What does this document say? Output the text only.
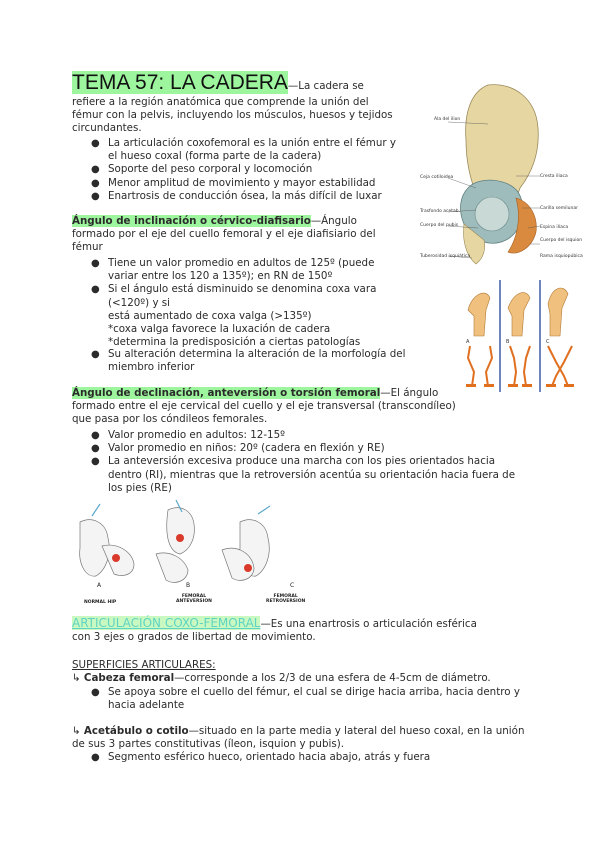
TEMA 57: LA CADERA—La cadera se
refiere a la región anatómica que comprende la unión del
fémur con la pelvis, incluyendo los músculos, huesos y tejidos
circundantes.
● La articulación coxofemoral es la unión entre el fémur y
el hueso coxal (forma parte de la cadera)
● Soporte del peso corporal y locomoción
● Menor amplitud de movimiento y mayor estabilidad
● Enartrosis de conducción ósea, la más difícil de luxar
Ángulo de inclinación o cérvico-diafisario—Ángulo
formado por el eje del cuello femoral y el eje diafisiario del
fémur
● Tiene un valor promedio en adultos de 125º (puede
variar entre los 120 a 135º); en RN de 150º
● Si el ángulo está disminuido se denomina coxa vara (<120º) y si
está aumentado de coxa valga (>135º)
*coxa valga favorece la luxación de cadera
*determina la predisposición a ciertas patologías
● Su alteración determina la alteración de la morfología del
miembro inferior
Ángulo de declinación, anteversión o torsión femoral—El ángulo
formado entre el eje cervical del cuello y el eje transversal (transcondíleo)
que pasa por los cóndileos femorales.
● Valor promedio en adultos: 12-15º
● Valor promedio en niños: 20º (cadera en flexión y RE)
● La anteversión excesiva produce una marcha con los pies orientados hacia
dentro (RI), mientras que la retroversión acentúa su orientación hacia fuera de
los pies (RE)
Ala del ilion
Ceja cotiloidea
Trasfondo acetab.
Cuerpo del pubis
Tuberosidad isquiática
Cresta iliaca
Carilla semilunar
Espina ilíaca
Cuerpo del isquion
Rama isquiopúbica
A	B	C
A	B	C
NORMAL HIP
FEMORAL
ANTEVERSION
FEMORAL
RETROVERSION
ARTICULACIÓN COXO-FEMORAL—Es una enartrosis o articulación esférica
con 3 ejes o grados de libertad de movimiento.
SUPERFICIES ARTICULARES:
↳ Cabeza femoral—corresponde a los 2/3 de una esfera de 4-5cm de diámetro.
● Se apoya sobre el cuello del fémur, el cual se dirige hacia arriba, hacia dentro y
hacia adelante
↳ Acetábulo o cotilo—situado en la parte media y lateral del hueso coxal, en la unión
de sus 3 partes constitutivas (íleon, isquion y pubis).
● Segmento esférico hueco, orientado hacia abajo, atrás y fuera
